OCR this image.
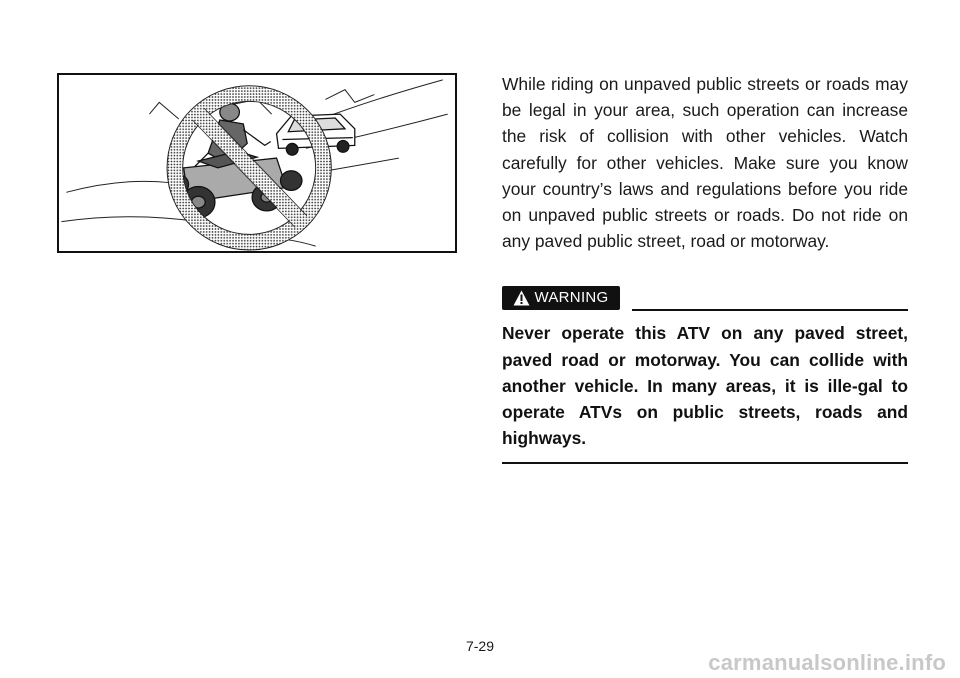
While riding on unpaved public streets or roads may be legal in your area, such operation can increase the risk of collision with other vehicles. Watch carefully for other vehicles. Make sure you know your country’s laws and regulations before you ride on unpaved public streets or roads. Do not ride on any paved public street, road or motorway.

WARNING

Never operate this ATV on any paved street, paved road or motorway. You can collide with another vehicle. In many areas, it is ille-gal to operate ATVs on public streets, roads and highways.

7-29
carmanualsonline.info
